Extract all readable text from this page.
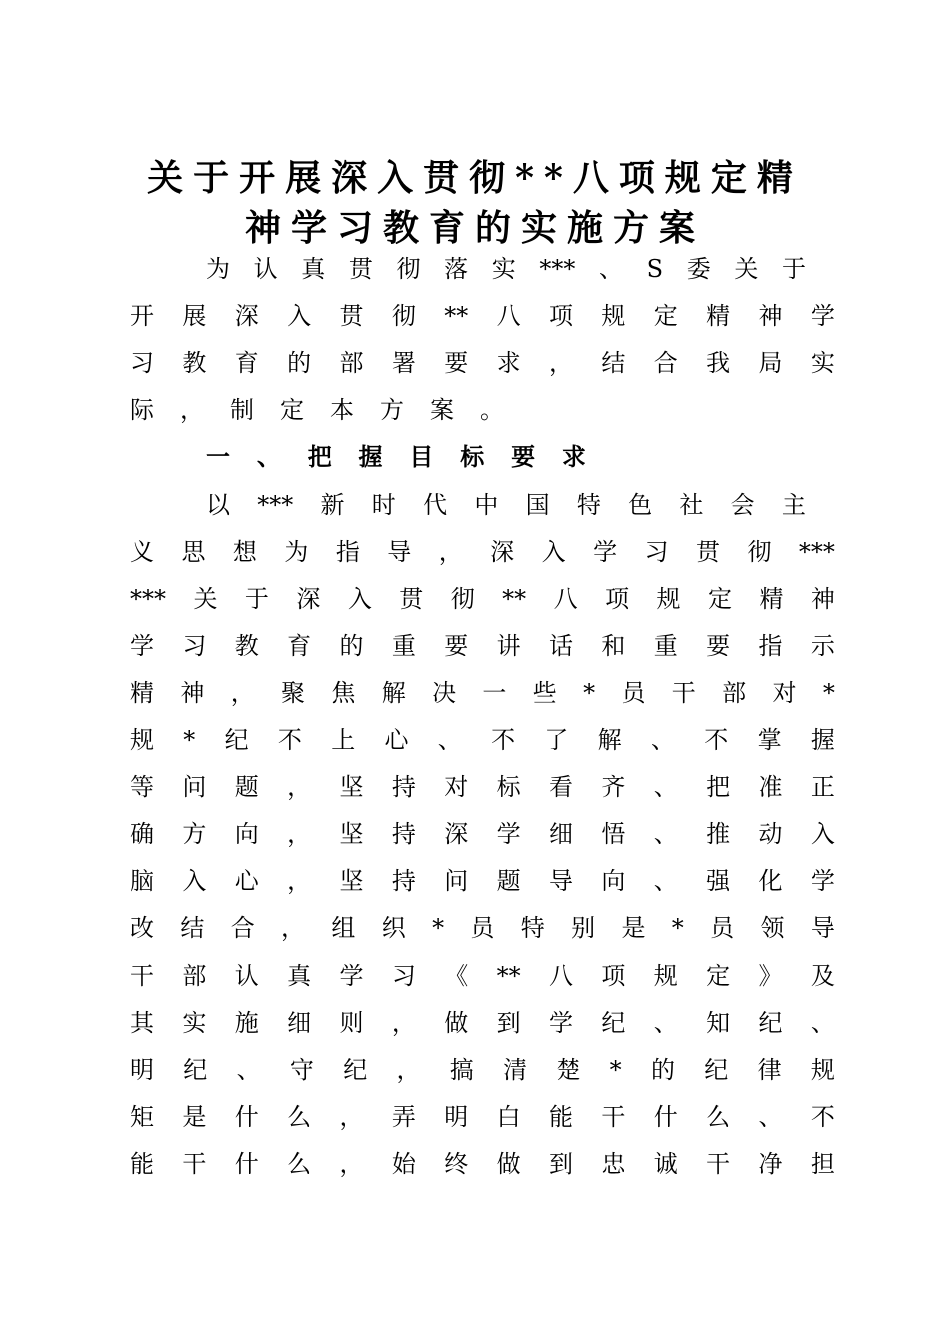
关于开展深入贯彻**八项规定精
神学习教育的实施方案
为 认 真 贯 彻 落 实 *** 、 S 委 关 于
开 展 深 入 贯 彻 ** 八 项 规 定 精 神 学
习 教 育 的 部 署 要 求 ， 结 合 我 局 实
际 ， 制 定 本 方 案 。
一 、 把 握 目 标 要 求
以 *** 新 时 代 中 国 特 色 社 会 主
义 思 想 为 指 导 ， 深 入 学 习 贯 彻 ***
*** 关 于 深 入 贯 彻 ** 八 项 规 定 精 神
学 习 教 育 的 重 要 讲 话 和 重 要 指 示
精 神 ， 聚 焦 解 决 一 些 * 员 干 部 对 *
规 * 纪 不 上 心 、 不 了 解 、 不 掌 握
等 问 题 ， 坚 持 对 标 看 齐 、 把 准 正
确 方 向 ， 坚 持 深 学 细 悟 、 推 动 入
脑 入 心 ， 坚 持 问 题 导 向 、 强 化 学
改 结 合 ， 组 织 * 员 特 别 是 * 员 领 导
干 部 认 真 学 习 《 ** 八 项 规 定 》 及
其 实 施 细 则 ， 做 到 学 纪 、 知 纪 、
明 纪 、 守 纪 ， 搞 清 楚 * 的 纪 律 规
矩 是 什 么 ， 弄 明 白 能 干 什 么 、 不
能 干 什 么 ， 始 终 做 到 忠 诚 干 净 担
